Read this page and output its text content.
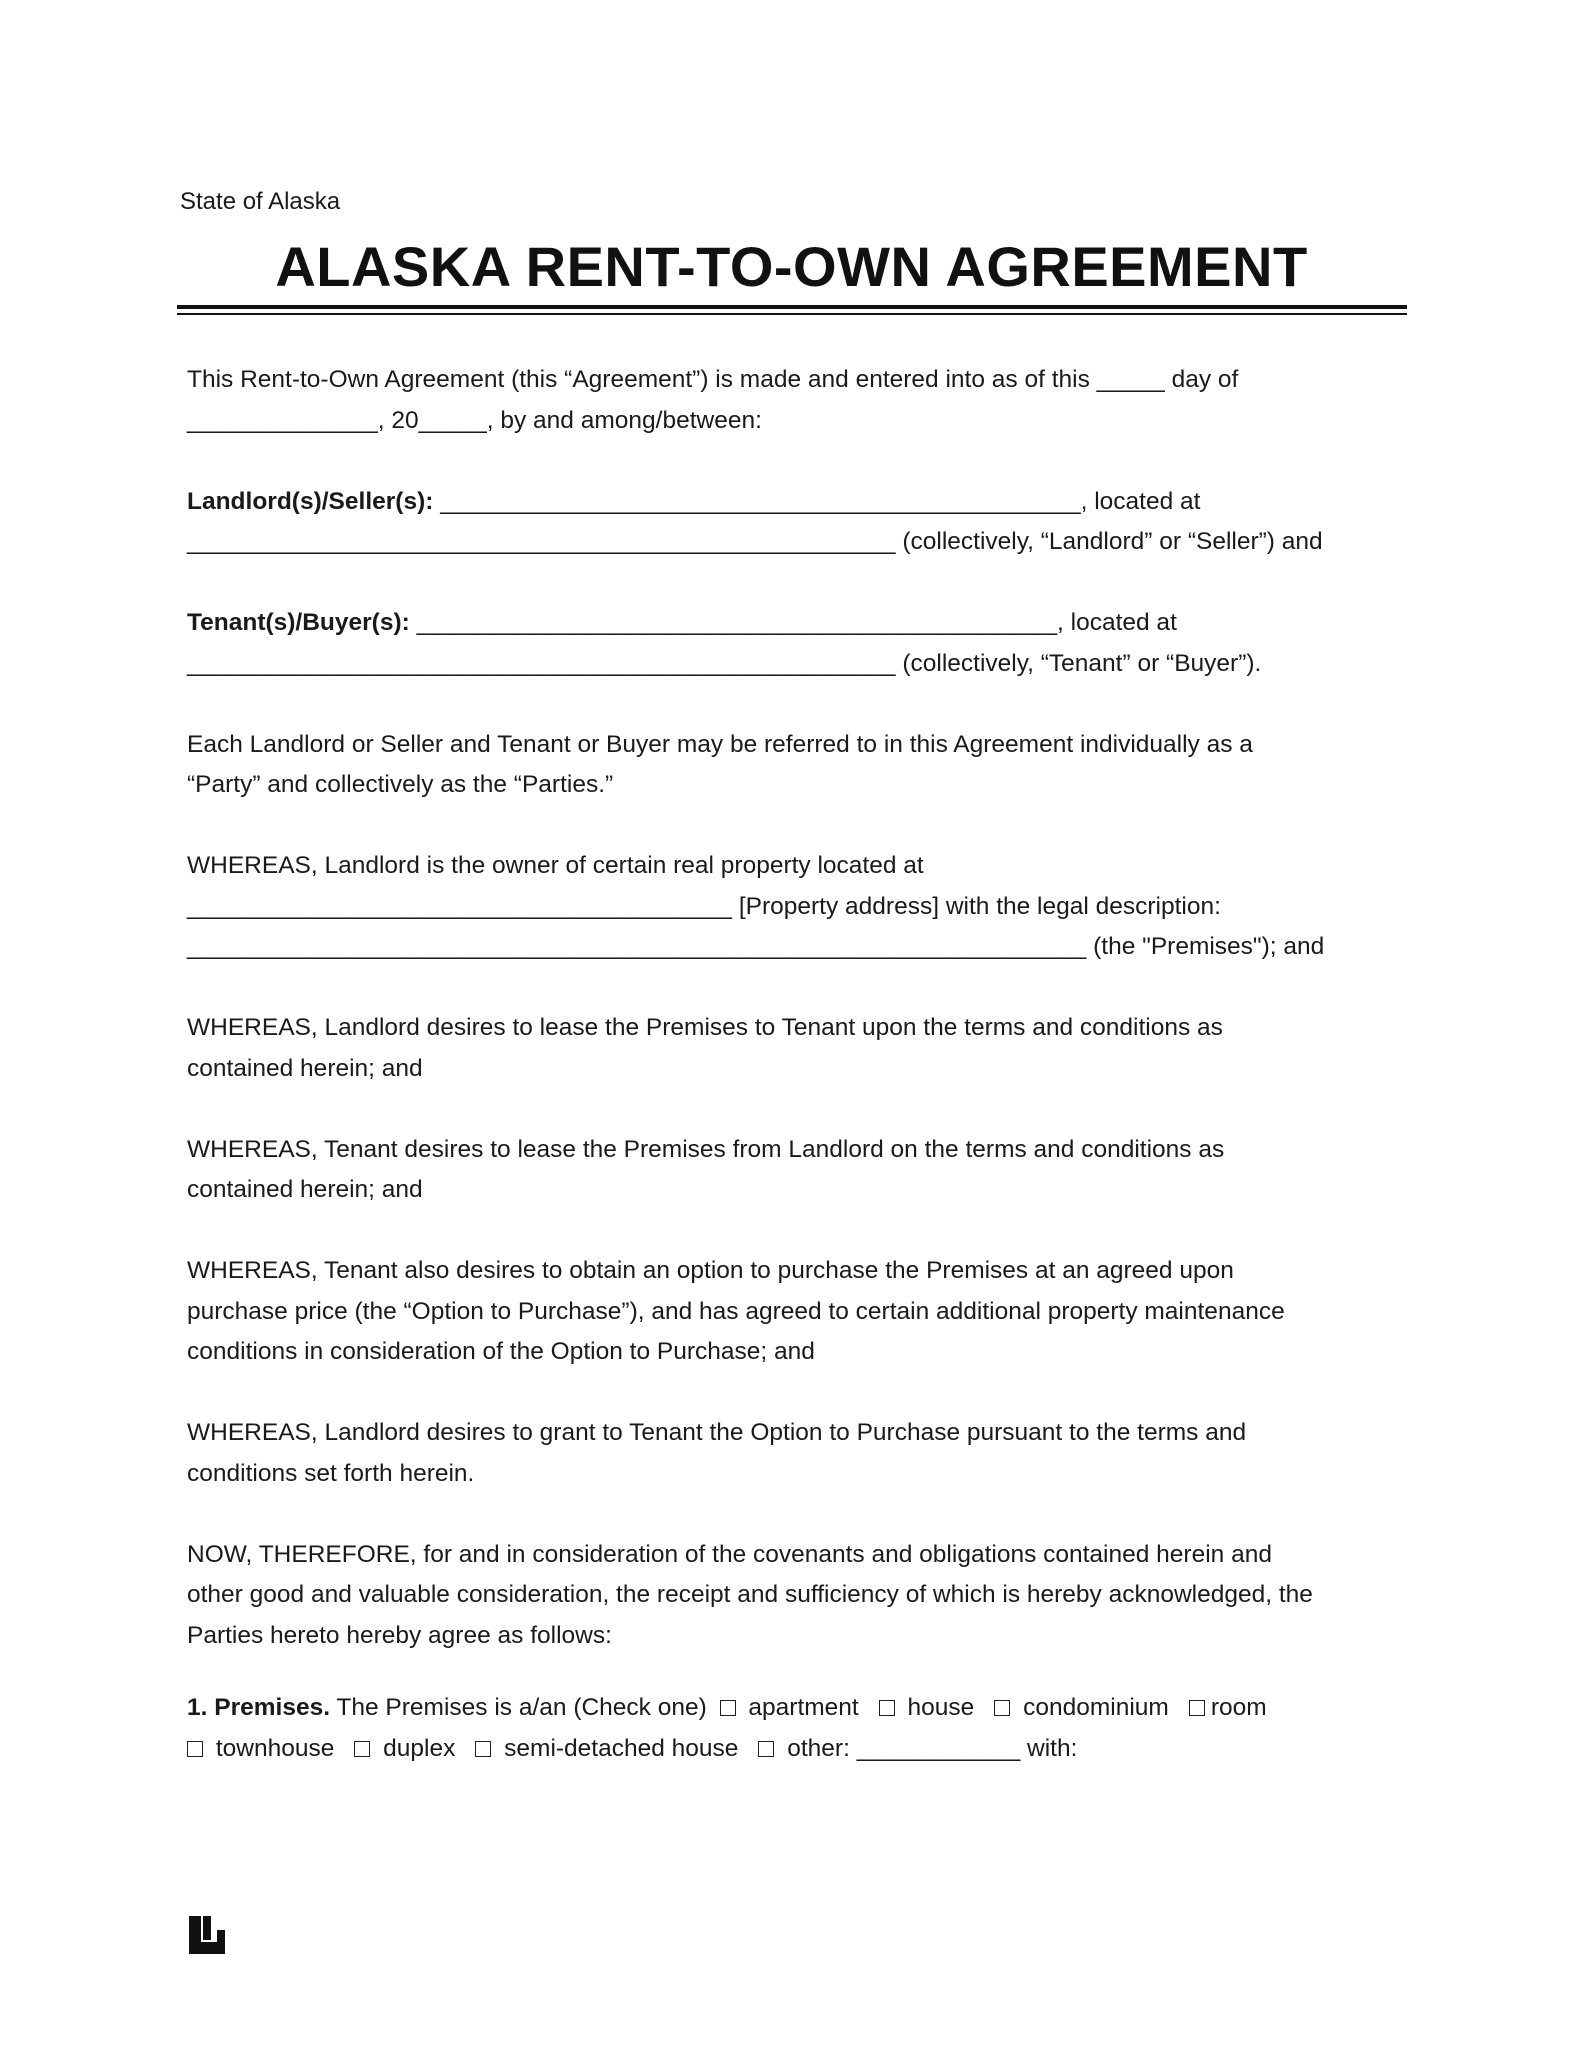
State of Alaska
ALASKA RENT-TO-OWN AGREEMENT
This Rent-to-Own Agreement (this “Agreement”) is made and entered into as of this _____ day of
______________, 20_____, by and among/between:
Landlord(s)/Seller(s): _______________________________________________, located at
____________________________________________________ (collectively, “Landlord” or “Seller”) and
Tenant(s)/Buyer(s): _______________________________________________, located at
____________________________________________________ (collectively, “Tenant” or “Buyer”).
Each Landlord or Seller and Tenant or Buyer may be referred to in this Agreement individually as a
“Party” and collectively as the “Parties.”
WHEREAS, Landlord is the owner of certain real property located at
________________________________________ [Property address] with the legal description:
__________________________________________________________________ (the "Premises"); and
WHEREAS, Landlord desires to lease the Premises to Tenant upon the terms and conditions as
contained herein; and
WHEREAS, Tenant desires to lease the Premises from Landlord on the terms and conditions as
contained herein; and
WHEREAS, Tenant also desires to obtain an option to purchase the Premises at an agreed upon
purchase price (the “Option to Purchase”), and has agreed to certain additional property maintenance
conditions in consideration of the Option to Purchase; and
WHEREAS, Landlord desires to grant to Tenant the Option to Purchase pursuant to the terms and
conditions set forth herein.
NOW, THEREFORE, for and in consideration of the covenants and obligations contained herein and
other good and valuable consideration, the receipt and sufficiency of which is hereby acknowledged, the
Parties hereto hereby agree as follows:
1. Premises. The Premises is a/an (Check one) apartment house condominium room
townhouse duplex semi-detached house other: ____________ with:
